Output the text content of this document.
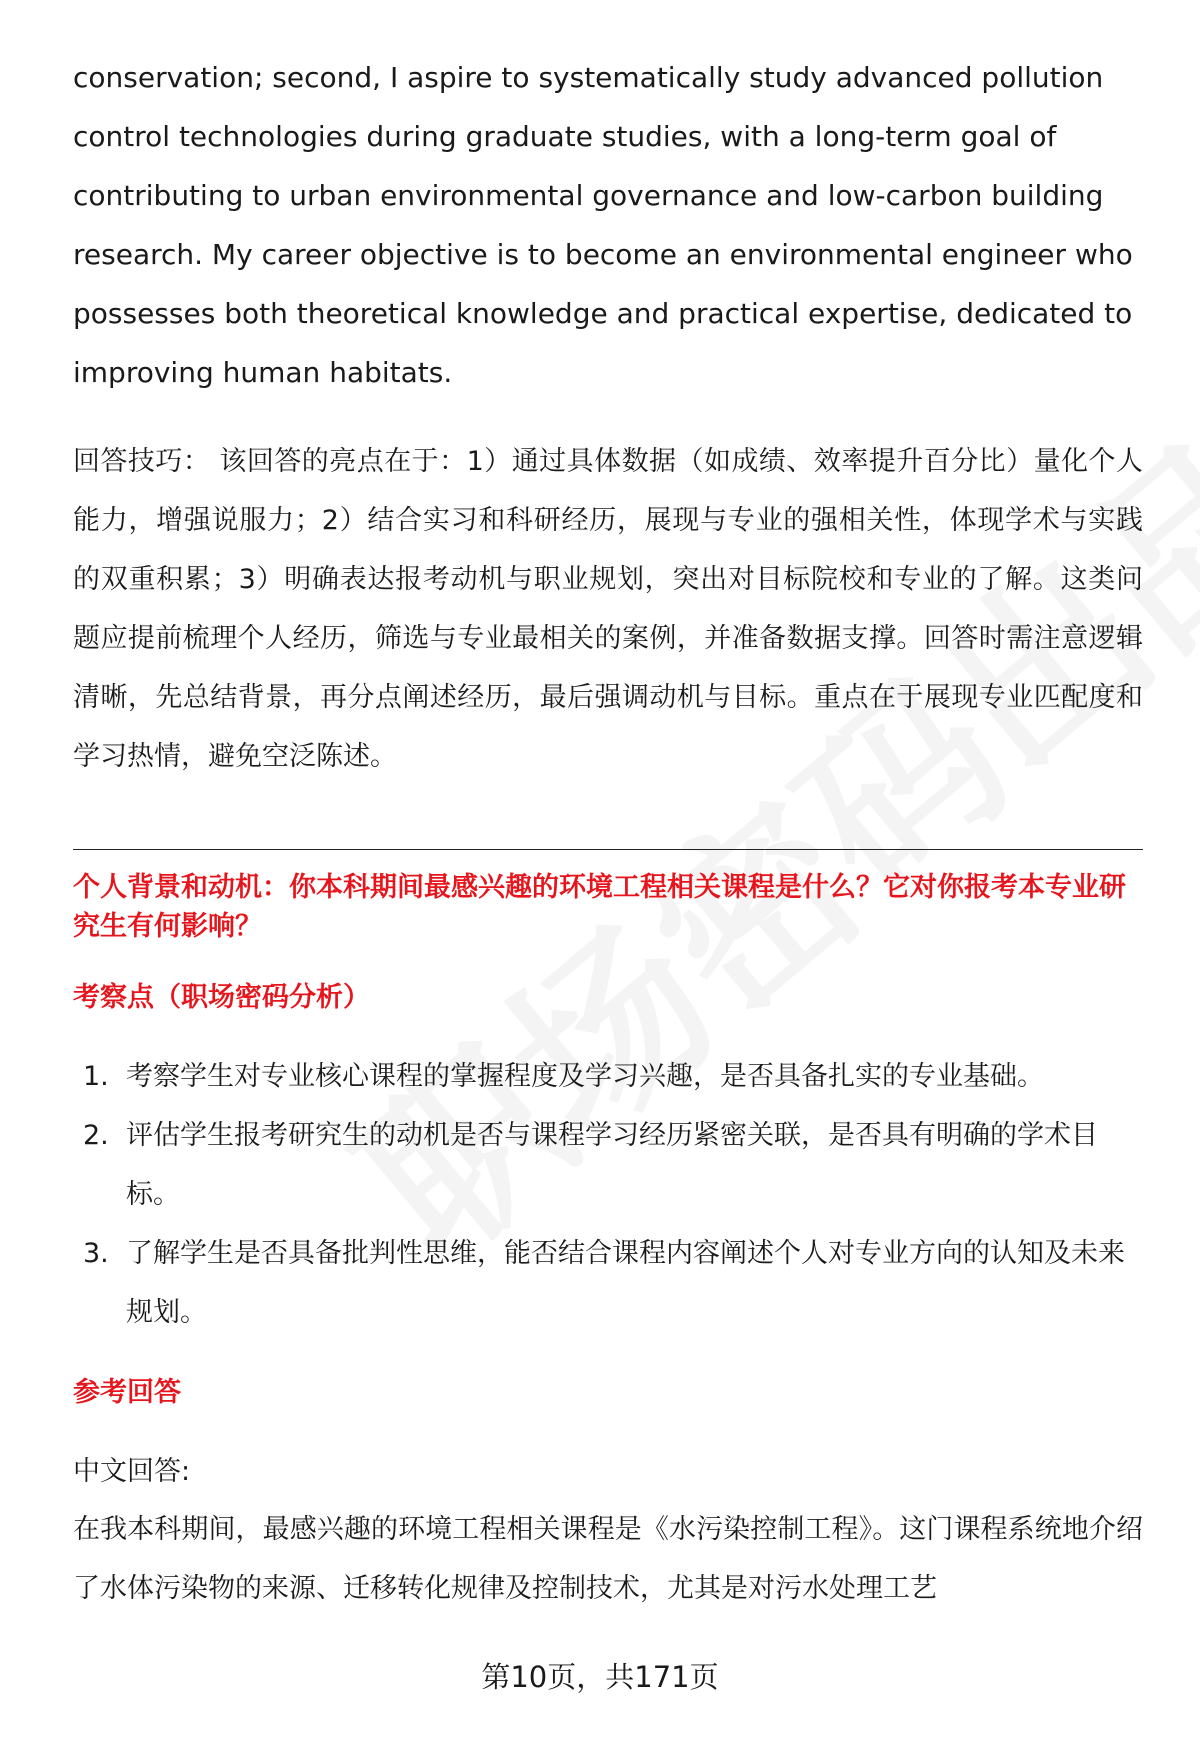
conservation; second, I aspire to systematically study advanced pollution
control technologies during graduate studies, with a long-term goal of
contributing to urban environmental governance and low-carbon building
research. My career objective is to become an environmental engineer who
possesses both theoretical knowledge and practical expertise, dedicated to
improving human habitats.
回答技巧： 该回答的亮点在于：1）通过具体数据（如成绩、效率提升百分比）量化个人能力，增强说服力；2）结合实习和科研经历，展现与专业的强相关性，体现学术与实践的双重积累；3）明确表达报考动机与职业规划，突出对目标院校和专业的了解。这类问题应提前梳理个人经历，筛选与专业最相关的案例，并准备数据支撑。回答时需注意逻辑清晰，先总结背景，再分点阐述经历，最后强调动机与目标。重点在于展现专业匹配度和学习热情，避免空泛陈述。
个人背景和动机：你本科期间最感兴趣的环境工程相关课程是什么？它对你报考本专业研究生有何影响？
考察点（职场密码分析）
1. 考察学生对专业核心课程的掌握程度及学习兴趣，是否具备扎实的专业基础。
2. 评估学生报考研究生的动机是否与课程学习经历紧密关联，是否具有明确的学术目标。
3. 了解学生是否具备批判性思维，能否结合课程内容阐述个人对专业方向的认知及未来规划。
参考回答
中文回答:
在我本科期间，最感兴趣的环境工程相关课程是《水污染控制工程》。这门课程系统地介绍了水体污染物的来源、迁移转化规律及控制技术，尤其是对污水处理工艺
第10页，共171页
